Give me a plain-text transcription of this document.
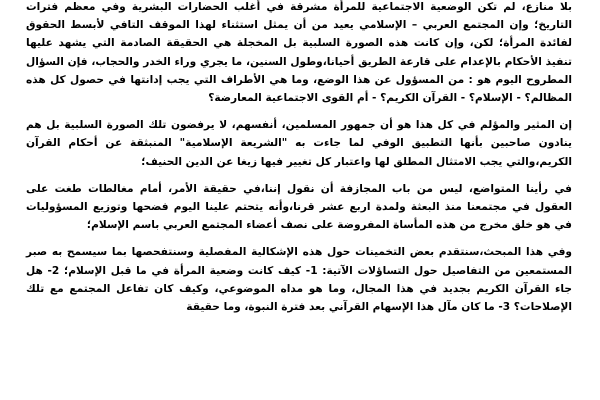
بلا منازع، لم تكن الوضعية الاجتماعية للمرأة مشرقة في أغلب الحضارات البشرية وفي معظم فترات التاريخ؛ وإن المجتمع العربي – الإسلامي يعيد من أن يمثل استثناء لهذا الموقف التافي لأبسط الحقوق لفائدة المرأة؛ لكن، وإن كانت هذه الصورة السلبية بل المخجلة هي الحقيقة الصادمة التي يشهد عليها تنفيذ الأحكام بالإعدام على قارعة الطريق أحيانا،وطول السنين، ما يجري وراء الخدر والحجاب، فإن السؤال المطروح اليوم هو : من المسؤول عن هذا الوضع، وما هي الأطراف التي يجب إدانتها في حصول كل هذه المظالم؟ - الإسلام؟ - القرآن الكريم؟ - أم القوى الاجتماعية المعارضة؟

إن المثير والمؤلم في كل هذا هو أن جمهور المسلمين، أنفسهم، لا يرفضون تلك الصورة السلبية بل هم ينادون صاحبين بأنها التطبيق الوفي لما جاءت به "الشريعة الإسلامية" المنبثقة عن أحكام القرآن الكريم،والتي يجب الامتثال المطلق لها واعتبار كل تغيير فيها زيغا عن الدين الحنيف؛

في رأينا المتواضع، ليس من باب المجازفة أن نقول إننا،في حقيقة الأمر، أمام مغالطات طغت على العقول في مجتمعنا منذ البعثة ولمدة اربع عشر قرنا،وأنه يتحتم علينا اليوم فضحها وتوزيع المسؤوليات في هو خلق مخرج من هذه المأساة المفروضة على نصف أعضاء المجتمع العربي باسم الإسلام؛

وفي هذا المبحث،سنتقدم بعض التخمينات حول هذه الإشكالية المفصلية وسنتفحصها بما سيسمح به صبر المستمعين من التفاصيل حول التساؤلات الآتية: 1- كيف كانت وضعية المرأة في ما قبل الإسلام؛ 2- هل جاء القرآن الكريم بجديد في هذا المجال، وما هو مداه الموضوعي، وكيف كان تفاعل المجتمع مع تلك الإصلاحات؟ 3- ما كان مآل هذا الإسهام القرآني بعد فترة النبوة، وما حقيقة
